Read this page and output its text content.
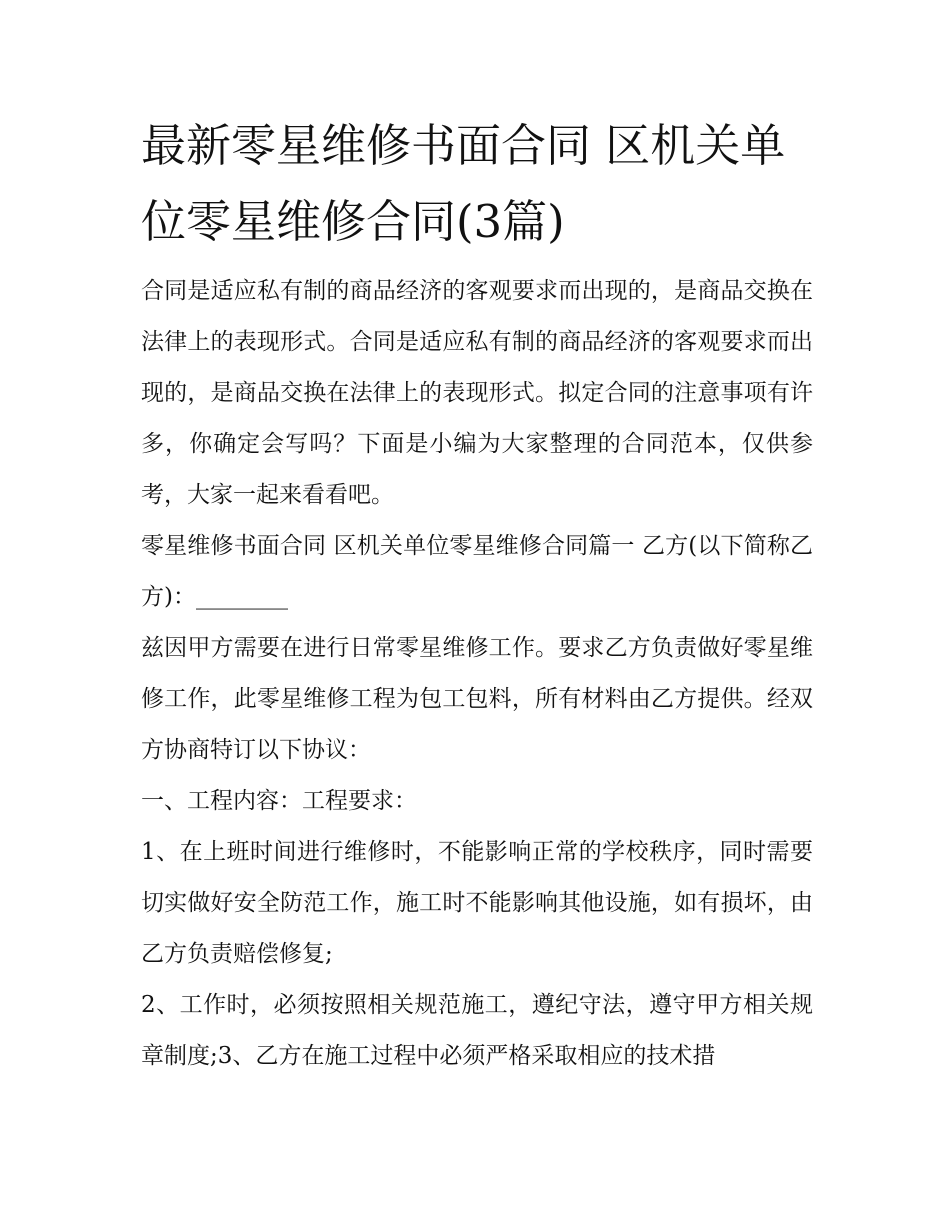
最新零星维修书面合同 区机关单位零星维修合同(3篇)

合同是适应私有制的商品经济的客观要求而出现的，是商品交换在法律上的表现形式。合同是适应私有制的商品经济的客观要求而出现的，是商品交换在法律上的表现形式。拟定合同的注意事项有许多，你确定会写吗？下面是小编为大家整理的合同范本，仅供参考，大家一起来看看吧。

零星维修书面合同 区机关单位零星维修合同篇一 乙方(以下简称乙方)：________

兹因甲方需要在进行日常零星维修工作。要求乙方负责做好零星维修工作，此零星维修工程为包工包料，所有材料由乙方提供。经双方协商特订以下协议：

一、工程内容：工程要求：

1、在上班时间进行维修时，不能影响正常的学校秩序，同时需要切实做好安全防范工作，施工时不能影响其他设施，如有损坏，由乙方负责赔偿修复;

2、工作时，必须按照相关规范施工，遵纪守法，遵守甲方相关规章制度;3、乙方在施工过程中必须严格采取相应的技术措
